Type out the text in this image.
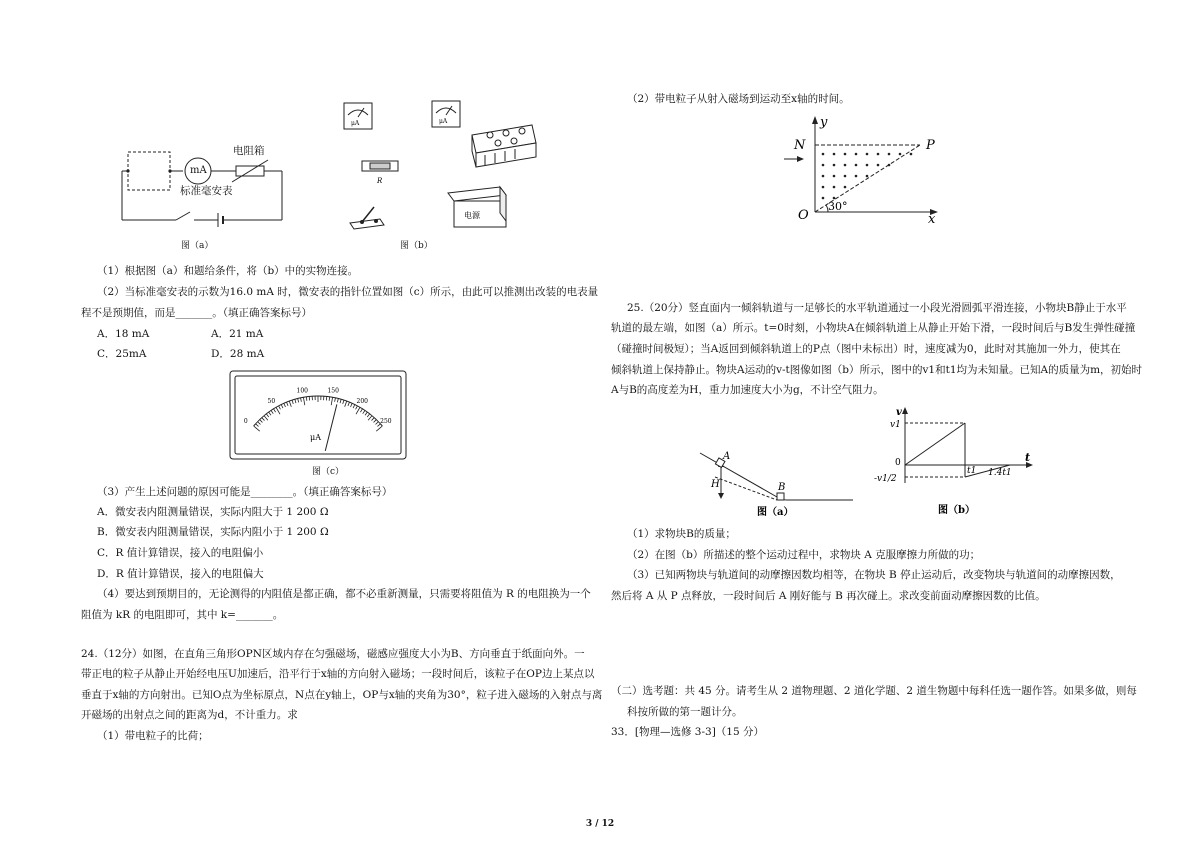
mA
电阻箱
标准毫安表
图（a）
μA	μA
R
电源
图（b）
（1）根据图（a）和题给条件，将（b）中的实物连接。
（2）当标准毫安表的示数为16.0 mA 时，微安表的指针位置如图（c）所示，由此可以推测出改装的电表量
程不是预期值，而是_______。（填正确答案标号）
A．18 mA	A．21 mA
C．25mA	D．28 mA
0
50
100	150
200
250
μA
图（c）
（3）产生上述问题的原因可能是________。（填正确答案标号）
A．微安表内阻测量错误，实际内阻大于 1 200 Ω
B．微安表内阻测量错误，实际内阻小于 1 200 Ω
C．R 值计算错误，接入的电阻偏小
D．R 值计算错误，接入的电阻偏大
（4）要达到预期目的，无论测得的内阻值是都正确，都不必重新测量，只需要将阻值为 R 的电阻换为一个
阻值为 kR 的电阻即可，其中 k=_______。
24.（12分）如图，在直角三角形OPN区域内存在匀强磁场，磁感应强度大小为B、方向垂直于纸面向外。一
带正电的粒子从静止开始经电压U加速后，沿平行于x轴的方向射入磁场；一段时间后，该粒子在OP边上某点以
垂直于x轴的方向射出。已知O点为坐标原点，N点在y轴上，OP与x轴的夹角为30°，粒子进入磁场的入射点与离
开磁场的出射点之间的距离为d，不计重力。求
（1）带电粒子的比荷；
（2）带电粒子从射入磁场到运动至x轴的时间。
y
x
O
N	P
30°
25.（20分）竖直面内一倾斜轨道与一足够长的水平轨道通过一小段光滑圆弧平滑连接，小物块B静止于水平
轨道的最左端，如图（a）所示。t=0时刻，小物块A在倾斜轨道上从静止开始下滑，一段时间后与B发生弹性碰撞
（碰撞时间极短）；当A返回到倾斜轨道上的P点（图中未标出）时，速度减为0，此时对其施加一外力，使其在
倾斜轨道上保持静止。物块A运动的v-t图像如图（b）所示，图中的v1和t1均为未知量。已知A的质量为m，初始时
A与B的高度差为H，重力加速度大小为g，不计空气阻力。
A
B
H
图（a）
v
v1
0
-v1/2
t1 1.4t1
t
图（b）
（1）求物块B的质量；
（2）在图（b）所描述的整个运动过程中，求物块 A 克服摩擦力所做的功；
（3）已知两物块与轨道间的动摩擦因数均相等，在物块 B 停止运动后，改变物块与轨道间的动摩擦因数，
然后将 A 从 P 点释放，一段时间后 A 刚好能与 B 再次碰上。求改变前面动摩擦因数的比值。
（二）选考题：共 45 分。请考生从 2 道物理题、2 道化学题、2 道生物题中每科任选一题作答。如果多做，则每
科按所做的第一题计分。
33．[物理—选修 3-3]（15 分）
3 / 12
